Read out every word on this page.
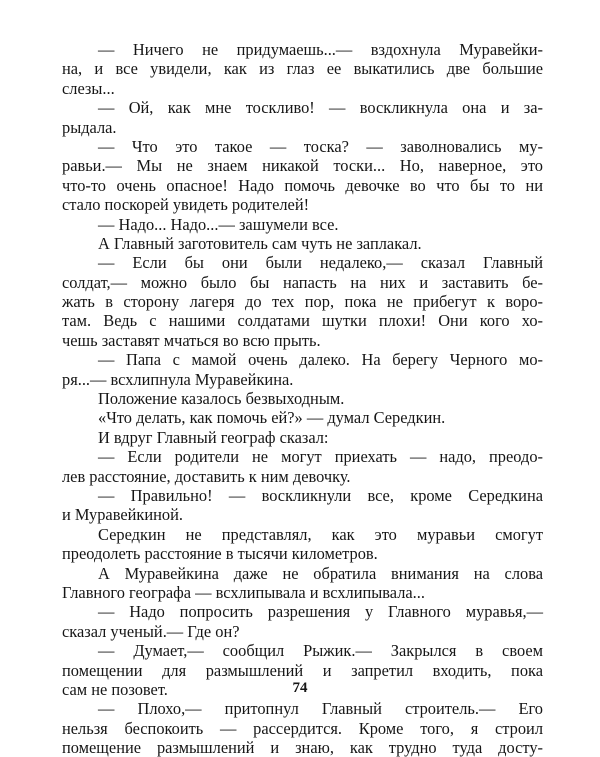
— Ничего не придумаешь...— вздохнула Муравейки-
на, и все увидели, как из глаз ее выкатились две большие
слезы...
— Ой, как мне тоскливо! — воскликнула она и за-
рыдала.
— Что это такое — тоска? — заволновались му-
равьи.— Мы не знаем никакой тоски... Но, наверное, это
что-то очень опасное! Надо помочь девочке во что бы то ни
стало поскорей увидеть родителей!
— Надо... Надо...— зашумели все.
А Главный заготовитель сам чуть не заплакал.
— Если бы они были недалеко,— сказал Главный
солдат,— можно было бы напасть на них и заставить бе-
жать в сторону лагеря до тех пор, пока не прибегут к воро-
там. Ведь с нашими солдатами шутки плохи! Они кого хо-
чешь заставят мчаться во всю прыть.
— Папа с мамой очень далеко. На берегу Черного мо-
ря...— всхлипнула Муравейкина.
Положение казалось безвыходным.
«Что делать, как помочь ей?» — думал Середкин.
И вдруг Главный географ сказал:
— Если родители не могут приехать — надо, преодо-
лев расстояние, доставить к ним девочку.
— Правильно! — воскликнули все, кроме Середкина
и Муравейкиной.
Середкин не представлял, как это муравьи смогут
преодолеть расстояние в тысячи километров.
А Муравейкина даже не обратила внимания на слова
Главного географа — всхлипывала и всхлипывала...
— Надо попросить разрешения у Главного муравья,—
сказал ученый.— Где он?
— Думает,— сообщил Рыжик.— Закрылся в своем
помещении для размышлений и запретил входить, пока
сам не позовет.
— Плохо,— притопнул Главный строитель.— Его
нельзя беспокоить — рассердится. Кроме того, я строил
помещение размышлений и знаю, как трудно туда досту-
74
